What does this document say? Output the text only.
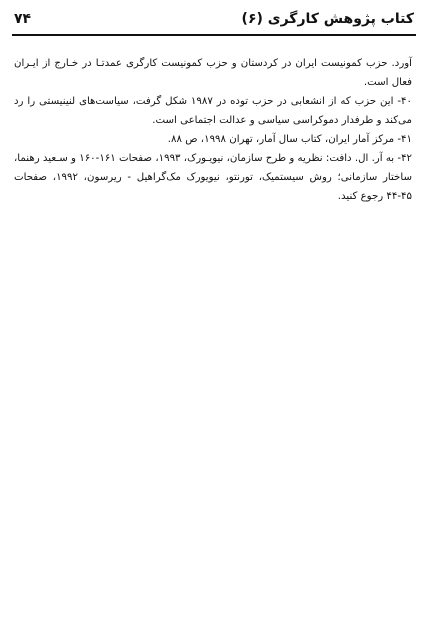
کتاب پژوهش کارگری (۶)
۷۴

آورد. حزب کمونیست ایران در کردستان و حزب کمونیست کارگری عمدتـا در خـارج از ایـران فعال است.

۴۰- این حزب که از انشعابی در حزب توده در ۱۹۸۷ شکل گرفت، سیاست‌های لنینیستی را رد می‌کند و طرفدار دموکراسی سیاسی و عدالت اجتماعی است.

۴۱- مرکز آمار ایران، کتاب سال آمار، تهران ۱۹۹۸، ص ۸۸.

۴۲- به آر. ال. دافت: نظریه و طرح سازمان، نیویـورک، ۱۹۹۳، صفحات ۱۶۱-۱۶۰ و سـعید رهنما، ساختار سازمانی؛ روش سیستمیک، تورنتو، نیویورک مک‌گراهیل - ریرسون، ۱۹۹۲، صفحات ۴۵-۴۴ رجوع کنید.
